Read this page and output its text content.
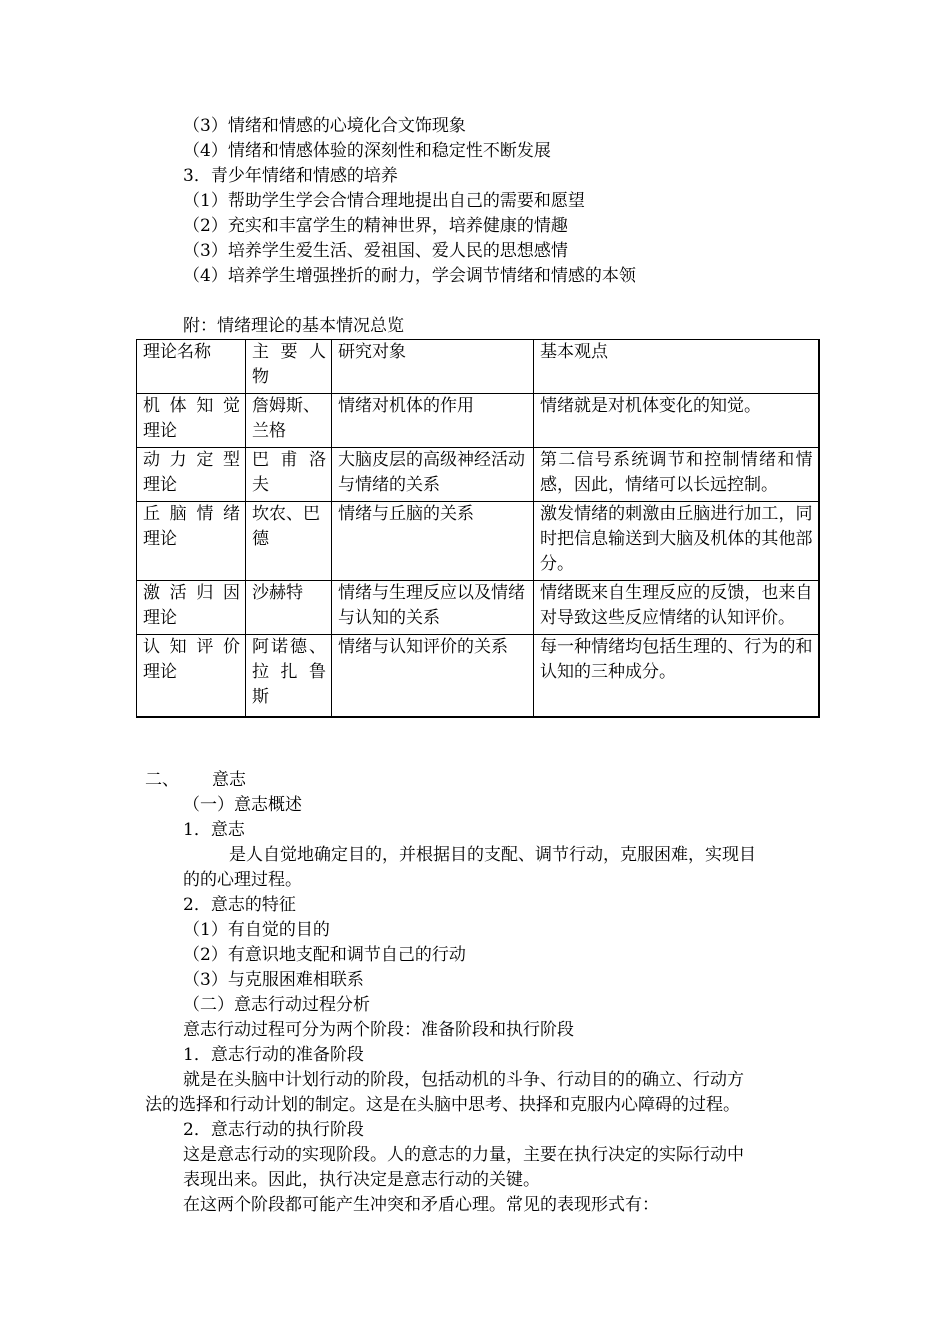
（3）情绪和情感的心境化合文饰现象
（4）情绪和情感体验的深刻性和稳定性不断发展
3．青少年情绪和情感的培养
（1）帮助学生学会合情合理地提出自己的需要和愿望
（2）充实和丰富学生的精神世界，培养健康的情趣
（3）培养学生爱生活、爱祖国、爱人民的思想感情
（4）培养学生增强挫折的耐力，学会调节情绪和情感的本领
附：情绪理论的基本情况总览
理论名称	主 要 人 物	研究对象	基本观点
机 体 知 觉 理论	詹姆斯、兰格	情绪对机体的作用	情绪就是对机体变化的知觉。
动 力 定 型 理论	巴 甫 洛 夫	大脑皮层的高级神经活动与情绪的关系	第二信号系统调节和控制情绪和情感，因此，情绪可以长远控制。
丘 脑 情 绪 理论	坎农、巴德	情绪与丘脑的关系	激发情绪的刺激由丘脑进行加工，同时把信息输送到大脑及机体的其他部分。
激 活 归 因 理论	沙赫特	情绪与生理反应以及情绪与认知的关系	情绪既来自生理反应的反馈，也来自对导致这些反应情绪的认知评价。
认 知 评 价 理论	阿诺德、拉 扎 鲁 斯	情绪与认知评价的关系	每一种情绪均包括生理的、行为的和认知的三种成分。
二、 意志
（一）意志概述
1．意志
是人自觉地确定目的，并根据目的支配、调节行动，克服困难，实现目
的的心理过程。
2．意志的特征
（1）有自觉的目的
（2）有意识地支配和调节自己的行动
（3）与克服困难相联系
（二）意志行动过程分析
意志行动过程可分为两个阶段：准备阶段和执行阶段
1．意志行动的准备阶段
就是在头脑中计划行动的阶段，包括动机的斗争、行动目的的确立、行动方
法的选择和行动计划的制定。这是在头脑中思考、抉择和克服内心障碍的过程。
2．意志行动的执行阶段
这是意志行动的实现阶段。人的意志的力量，主要在执行决定的实际行动中
表现出来。因此，执行决定是意志行动的关键。
在这两个阶段都可能产生冲突和矛盾心理。常见的表现形式有：
